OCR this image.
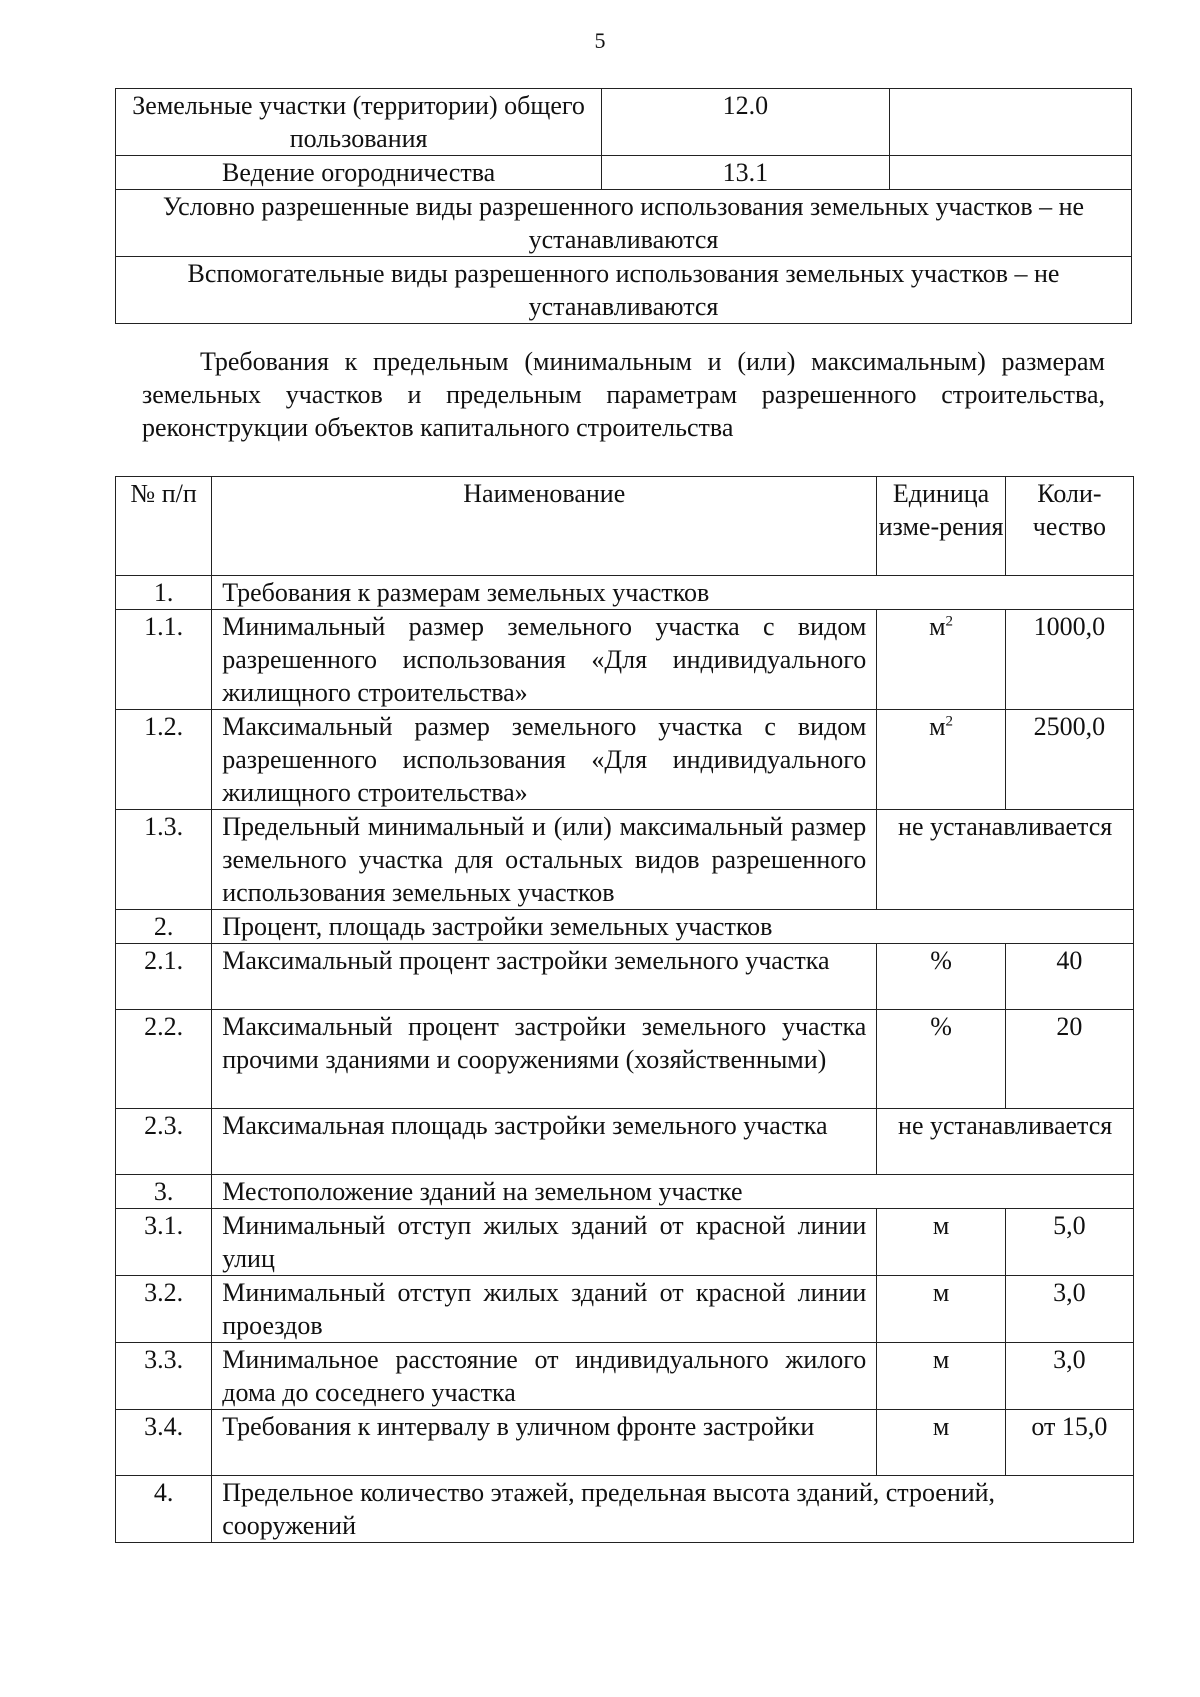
5
Земельные участки (территории) общего пользования	12.0	
Ведение огородничества	13.1	
Условно разрешенные виды разрешенного использования земельных участков – не устанавливаются		
Вспомогательные виды разрешенного использования земельных участков – не устанавливаются		
Требования к предельным (минимальным и (или) максимальным) размерам земельных участков и предельным параметрам разрешенного строительства, реконструкции объектов капитального строительства
№ п/п	Наименование	Единица изме-рения	Коли-чество
1.	Требования к размерам земельных участков		
1.1.	Минимальный размер земельного участка с видом разрешенного использования «Для индивидуального жилищного строительства»	$м^2$	1000,0
1.2.	Максимальный размер земельного участка с видом разрешенного использования «Для индивидуального жилищного строительства»	$м^2$	2500,0
1.3.	Предельный минимальный и (или) максимальный размер земельного участка для остальных видов разрешенного использования земельных участков	не устанавливается	
2.	Процент, площадь застройки земельных участков		
2.1.	Максимальный процент застройки земельного участка	%	40
2.2.	Максимальный процент застройки земельного участка прочими зданиями и сооружениями (хозяйственными)	%	20
2.3.	Максимальная площадь застройки земельного участка	не устанавливается	
3.	Местоположение зданий на земельном участке		
3.1.	Минимальный отступ жилых зданий от красной линии улиц	м	5,0
3.2.	Минимальный отступ жилых зданий от красной линии проездов	м	3,0
3.3.	Минимальное расстояние от индивидуального жилого дома до соседнего участка	м	3,0
3.4.	Требования к интервалу в уличном фронте застройки	м	от 15,0
4.	Предельное количество этажей, предельная высота зданий, строений, сооружений		
